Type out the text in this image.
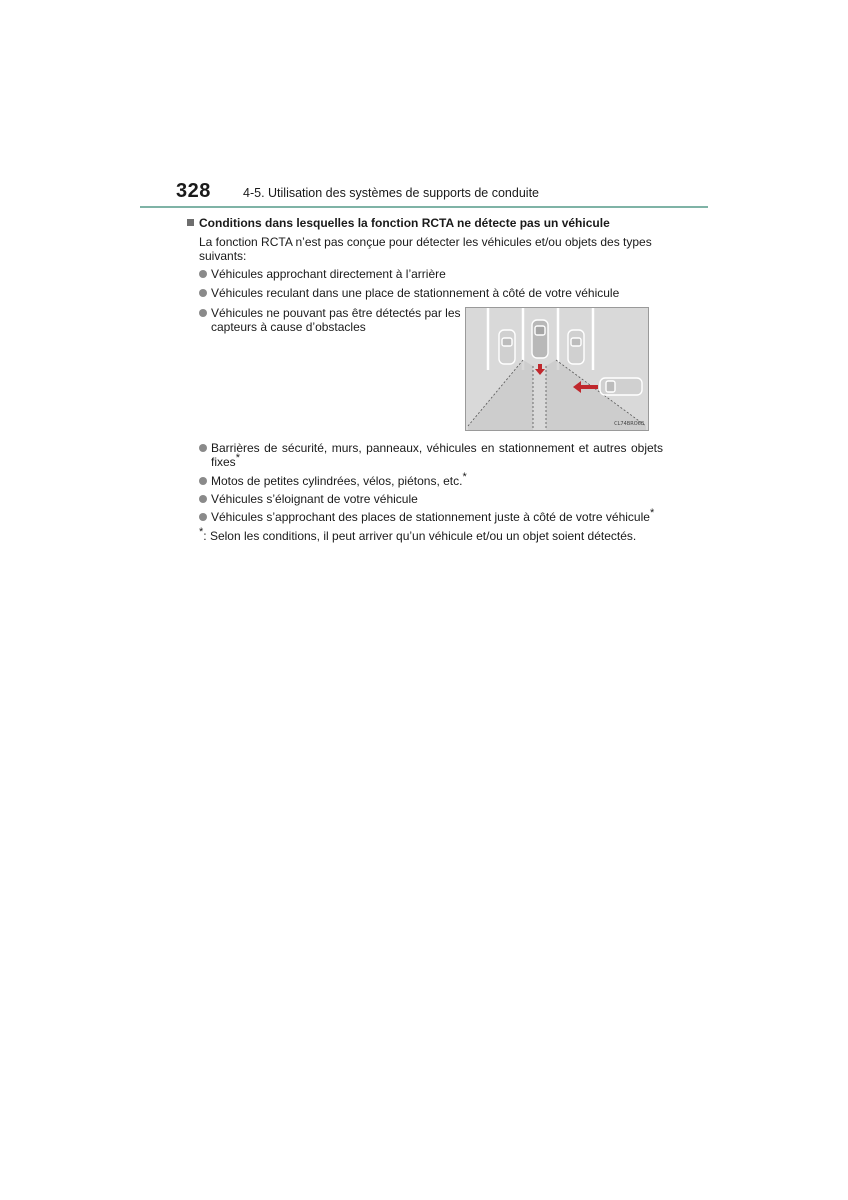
328	4-5. Utilisation des systèmes de supports de conduite
Conditions dans lesquelles la fonction RCTA ne détecte pas un véhicule
La fonction RCTA n’est pas conçue pour détecter les véhicules et/ou objets des types suivants:
Véhicules approchant directement à l’arrière
Véhicules reculant dans une place de stationnement à côté de votre véhicule
Véhicules ne pouvant pas être détectés par les capteurs à cause d’obstacles
CL74BRO68
Barrières de sécurité, murs, panneaux, véhicules en stationnement et autres objets fixes*
Motos de petites cylindrées, vélos, piétons, etc.*
Véhicules s’éloignant de votre véhicule
Véhicules s’approchant des places de stationnement juste à côté de votre véhicule*
*: Selon les conditions, il peut arriver qu’un véhicule et/ou un objet soient détectés.
